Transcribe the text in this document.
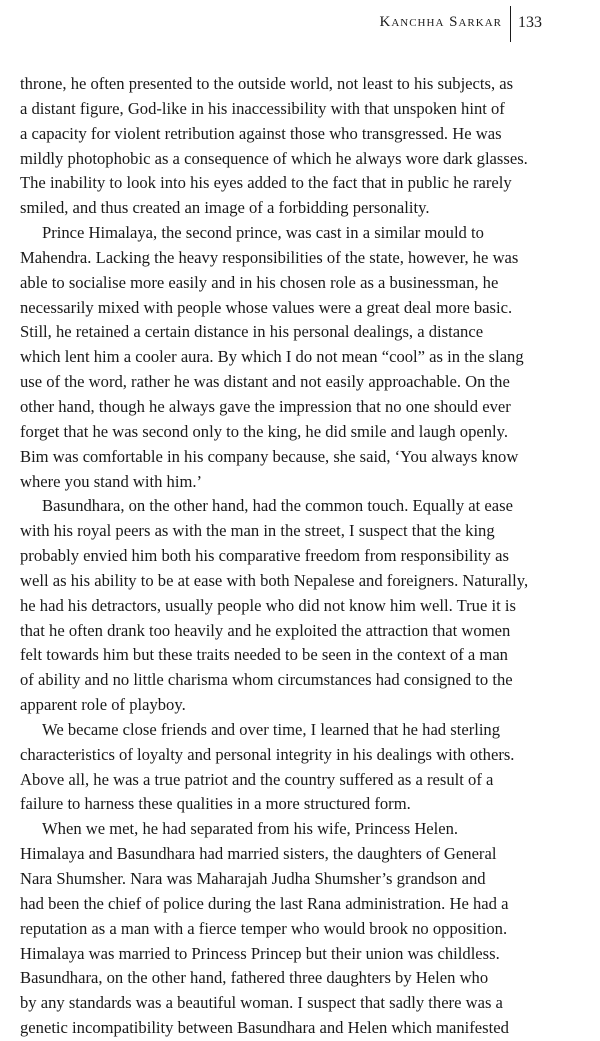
Kanchha Sarkar 133

throne, he often presented to the outside world, not least to his subjects, as
a distant figure, God-like in his inaccessibility with that unspoken hint of
a capacity for violent retribution against those who transgressed. He was
mildly photophobic as a consequence of which he always wore dark glasses.
The inability to look into his eyes added to the fact that in public he rarely
smiled, and thus created an image of a forbidding personality.

Prince Himalaya, the second prince, was cast in a similar mould to
Mahendra. Lacking the heavy responsibilities of the state, however, he was
able to socialise more easily and in his chosen role as a businessman, he
necessarily mixed with people whose values were a great deal more basic.
Still, he retained a certain distance in his personal dealings, a distance
which lent him a cooler aura. By which I do not mean “cool” as in the slang
use of the word, rather he was distant and not easily approachable. On the
other hand, though he always gave the impression that no one should ever
forget that he was second only to the king, he did smile and laugh openly.
Bim was comfortable in his company because, she said, ‘You always know
where you stand with him.’

Basundhara, on the other hand, had the common touch. Equally at ease
with his royal peers as with the man in the street, I suspect that the king
probably envied him both his comparative freedom from responsibility as
well as his ability to be at ease with both Nepalese and foreigners. Naturally,
he had his detractors, usually people who did not know him well. True it is
that he often drank too heavily and he exploited the attraction that women
felt towards him but these traits needed to be seen in the context of a man
of ability and no little charisma whom circumstances had consigned to the
apparent role of playboy.

We became close friends and over time, I learned that he had sterling
characteristics of loyalty and personal integrity in his dealings with others.
Above all, he was a true patriot and the country suffered as a result of a
failure to harness these qualities in a more structured form.

When we met, he had separated from his wife, Princess Helen.
Himalaya and Basundhara had married sisters, the daughters of General
Nara Shumsher. Nara was Maharajah Judha Shumsher’s grandson and
had been the chief of police during the last Rana administration. He had a
reputation as a man with a fierce temper who would brook no opposition.
Himalaya was married to Princess Princep but their union was childless.
Basundhara, on the other hand, fathered three daughters by Helen who
by any standards was a beautiful woman. I suspect that sadly there was a
genetic incompatibility between Basundhara and Helen which manifested
